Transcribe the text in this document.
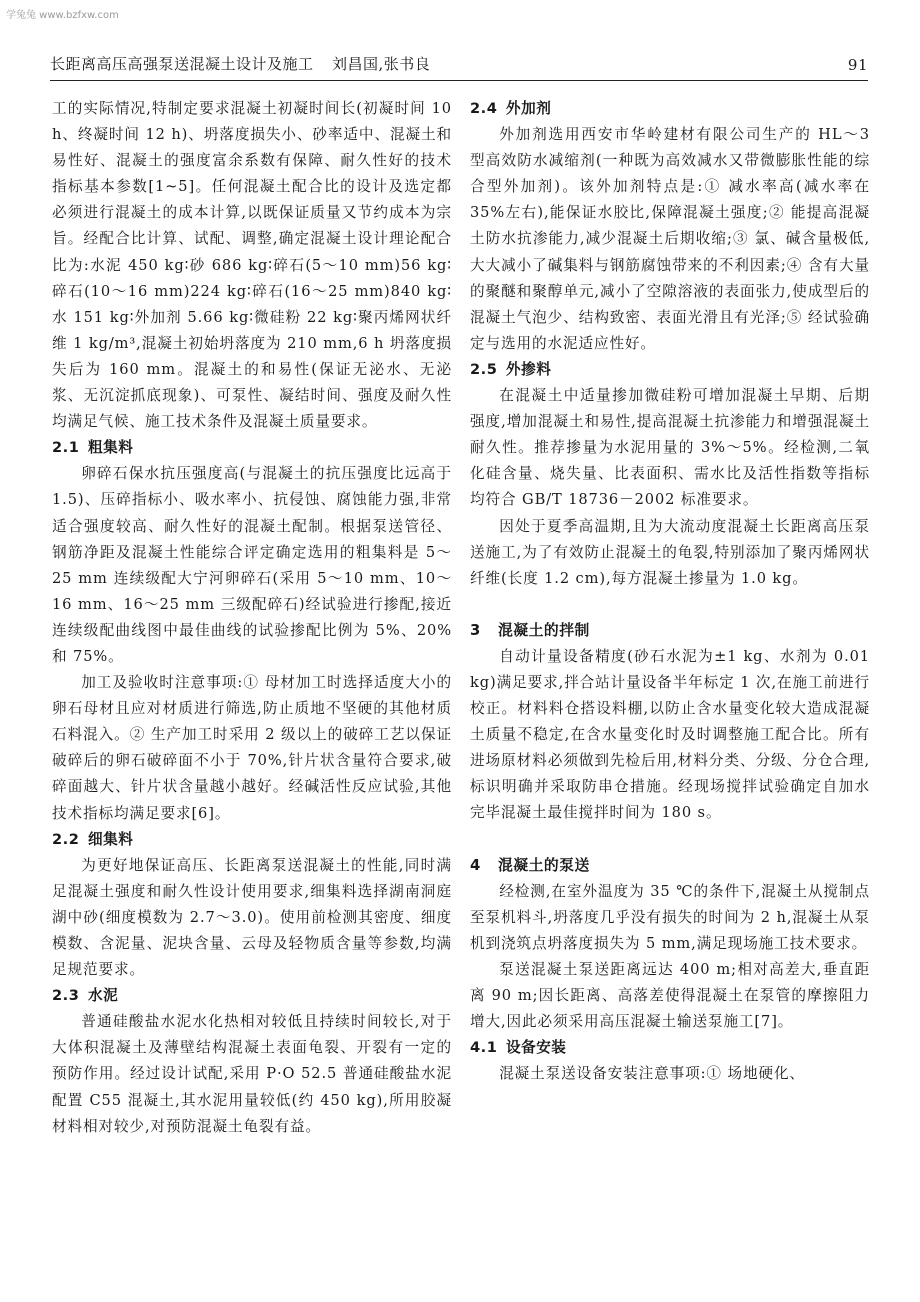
学兔兔 www.bzfxw.com
长距离高压高强泵送混凝土设计及施工 刘昌国,张书良	91

工的实际情况,特制定要求混凝土初凝时间长(初凝时间 10 h、终凝时间 12 h)、坍落度损失小、砂率适中、混凝土和易性好、混凝土的强度富余系数有保障、耐久性好的技术指标基本参数[1~5]。任何混凝土配合比的设计及选定都必须进行混凝土的成本计算,以既保证质量又节约成本为宗旨。经配合比计算、试配、调整,确定混凝土设计理论配合比为:水泥 450 kg∶砂 686 kg∶碎石(5～10 mm)56 kg∶碎石(10～16 mm)224 kg∶碎石(16～25 mm)840 kg∶水 151 kg∶外加剂 5.66 kg∶微硅粉 22 kg∶聚丙烯网状纤维 1 kg/m³,混凝土初始坍落度为 210 mm,6 h 坍落度损失后为 160 mm。混凝土的和易性(保证无泌水、无泌浆、无沉淀抓底现象)、可泵性、凝结时间、强度及耐久性均满足气候、施工技术条件及混凝土质量要求。

2.1 粗集料

卵碎石保水抗压强度高(与混凝土的抗压强度比远高于 1.5)、压碎指标小、吸水率小、抗侵蚀、腐蚀能力强,非常适合强度较高、耐久性好的混凝土配制。根据泵送管径、钢筋净距及混凝土性能综合评定确定选用的粗集料是 5～25 mm 连续级配大宁河卵碎石(采用 5～10 mm、10～16 mm、16～25 mm 三级配碎石)经试验进行掺配,接近连续级配曲线图中最佳曲线的试验掺配比例为 5%、20%和 75%。

加工及验收时注意事项:① 母材加工时选择适度大小的卵石母材且应对材质进行筛选,防止质地不坚硬的其他材质石料混入。② 生产加工时采用 2 级以上的破碎工艺以保证破碎后的卵石破碎面不小于 70%,针片状含量符合要求,破碎面越大、针片状含量越小越好。经碱活性反应试验,其他技术指标均满足要求[6]。

2.2 细集料

为更好地保证高压、长距离泵送混凝土的性能,同时满足混凝土强度和耐久性设计使用要求,细集料选择湖南洞庭湖中砂(细度模数为 2.7～3.0)。使用前检测其密度、细度模数、含泥量、泥块含量、云母及轻物质含量等参数,均满足规范要求。

2.3 水泥

普通硅酸盐水泥水化热相对较低且持续时间较长,对于大体积混凝土及薄壁结构混凝土表面龟裂、开裂有一定的预防作用。经过设计试配,采用 P·O 52.5 普通硅酸盐水泥配置 C55 混凝土,其水泥用量较低(约 450 kg),所用胶凝材料相对较少,对预防混凝土龟裂有益。

2.4 外加剂

外加剂选用西安市华岭建材有限公司生产的 HL～3 型高效防水减缩剂(一种既为高效减水又带微膨胀性能的综合型外加剂)。该外加剂特点是:① 减水率高(减水率在 35%左右),能保证水胶比,保障混凝土强度;② 能提高混凝土防水抗渗能力,减少混凝土后期收缩;③ 氯、碱含量极低,大大减小了碱集料与钢筋腐蚀带来的不利因素;④ 含有大量的聚醚和聚醇单元,减小了空隙溶液的表面张力,使成型后的混凝土气泡少、结构致密、表面光滑且有光泽;⑤ 经试验确定与选用的水泥适应性好。

2.5 外掺料

在混凝土中适量掺加微硅粉可增加混凝土早期、后期强度,增加混凝土和易性,提高混凝土抗渗能力和增强混凝土耐久性。推荐掺量为水泥用量的 3%～5%。经检测,二氧化硅含量、烧失量、比表面积、需水比及活性指数等指标均符合 GB/T 18736－2002 标准要求。

因处于夏季高温期,且为大流动度混凝土长距离高压泵送施工,为了有效防止混凝土的龟裂,特别添加了聚丙烯网状纤维(长度 1.2 cm),每方混凝土掺量为 1.0 kg。

3 混凝土的拌制

自动计量设备精度(砂石水泥为±1 kg、水剂为 0.01 kg)满足要求,拌合站计量设备半年标定 1 次,在施工前进行校正。材料料仓搭设料棚,以防止含水量变化较大造成混凝土质量不稳定,在含水量变化时及时调整施工配合比。所有进场原材料必须做到先检后用,材料分类、分级、分仓合理,标识明确并采取防串仓措施。经现场搅拌试验确定自加水完毕混凝土最佳搅拌时间为 180 s。

4 混凝土的泵送

经检测,在室外温度为 35 ℃的条件下,混凝土从搅制点至泵机料斗,坍落度几乎没有损失的时间为 2 h,混凝土从泵机到浇筑点坍落度损失为 5 mm,满足现场施工技术要求。

泵送混凝土泵送距离远达 400 m;相对高差大,垂直距离 90 m;因长距离、高落差使得混凝土在泵管的摩擦阻力增大,因此必须采用高压混凝土输送泵施工[7]。

4.1 设备安装

混凝土泵送设备安装注意事项:① 场地硬化、
